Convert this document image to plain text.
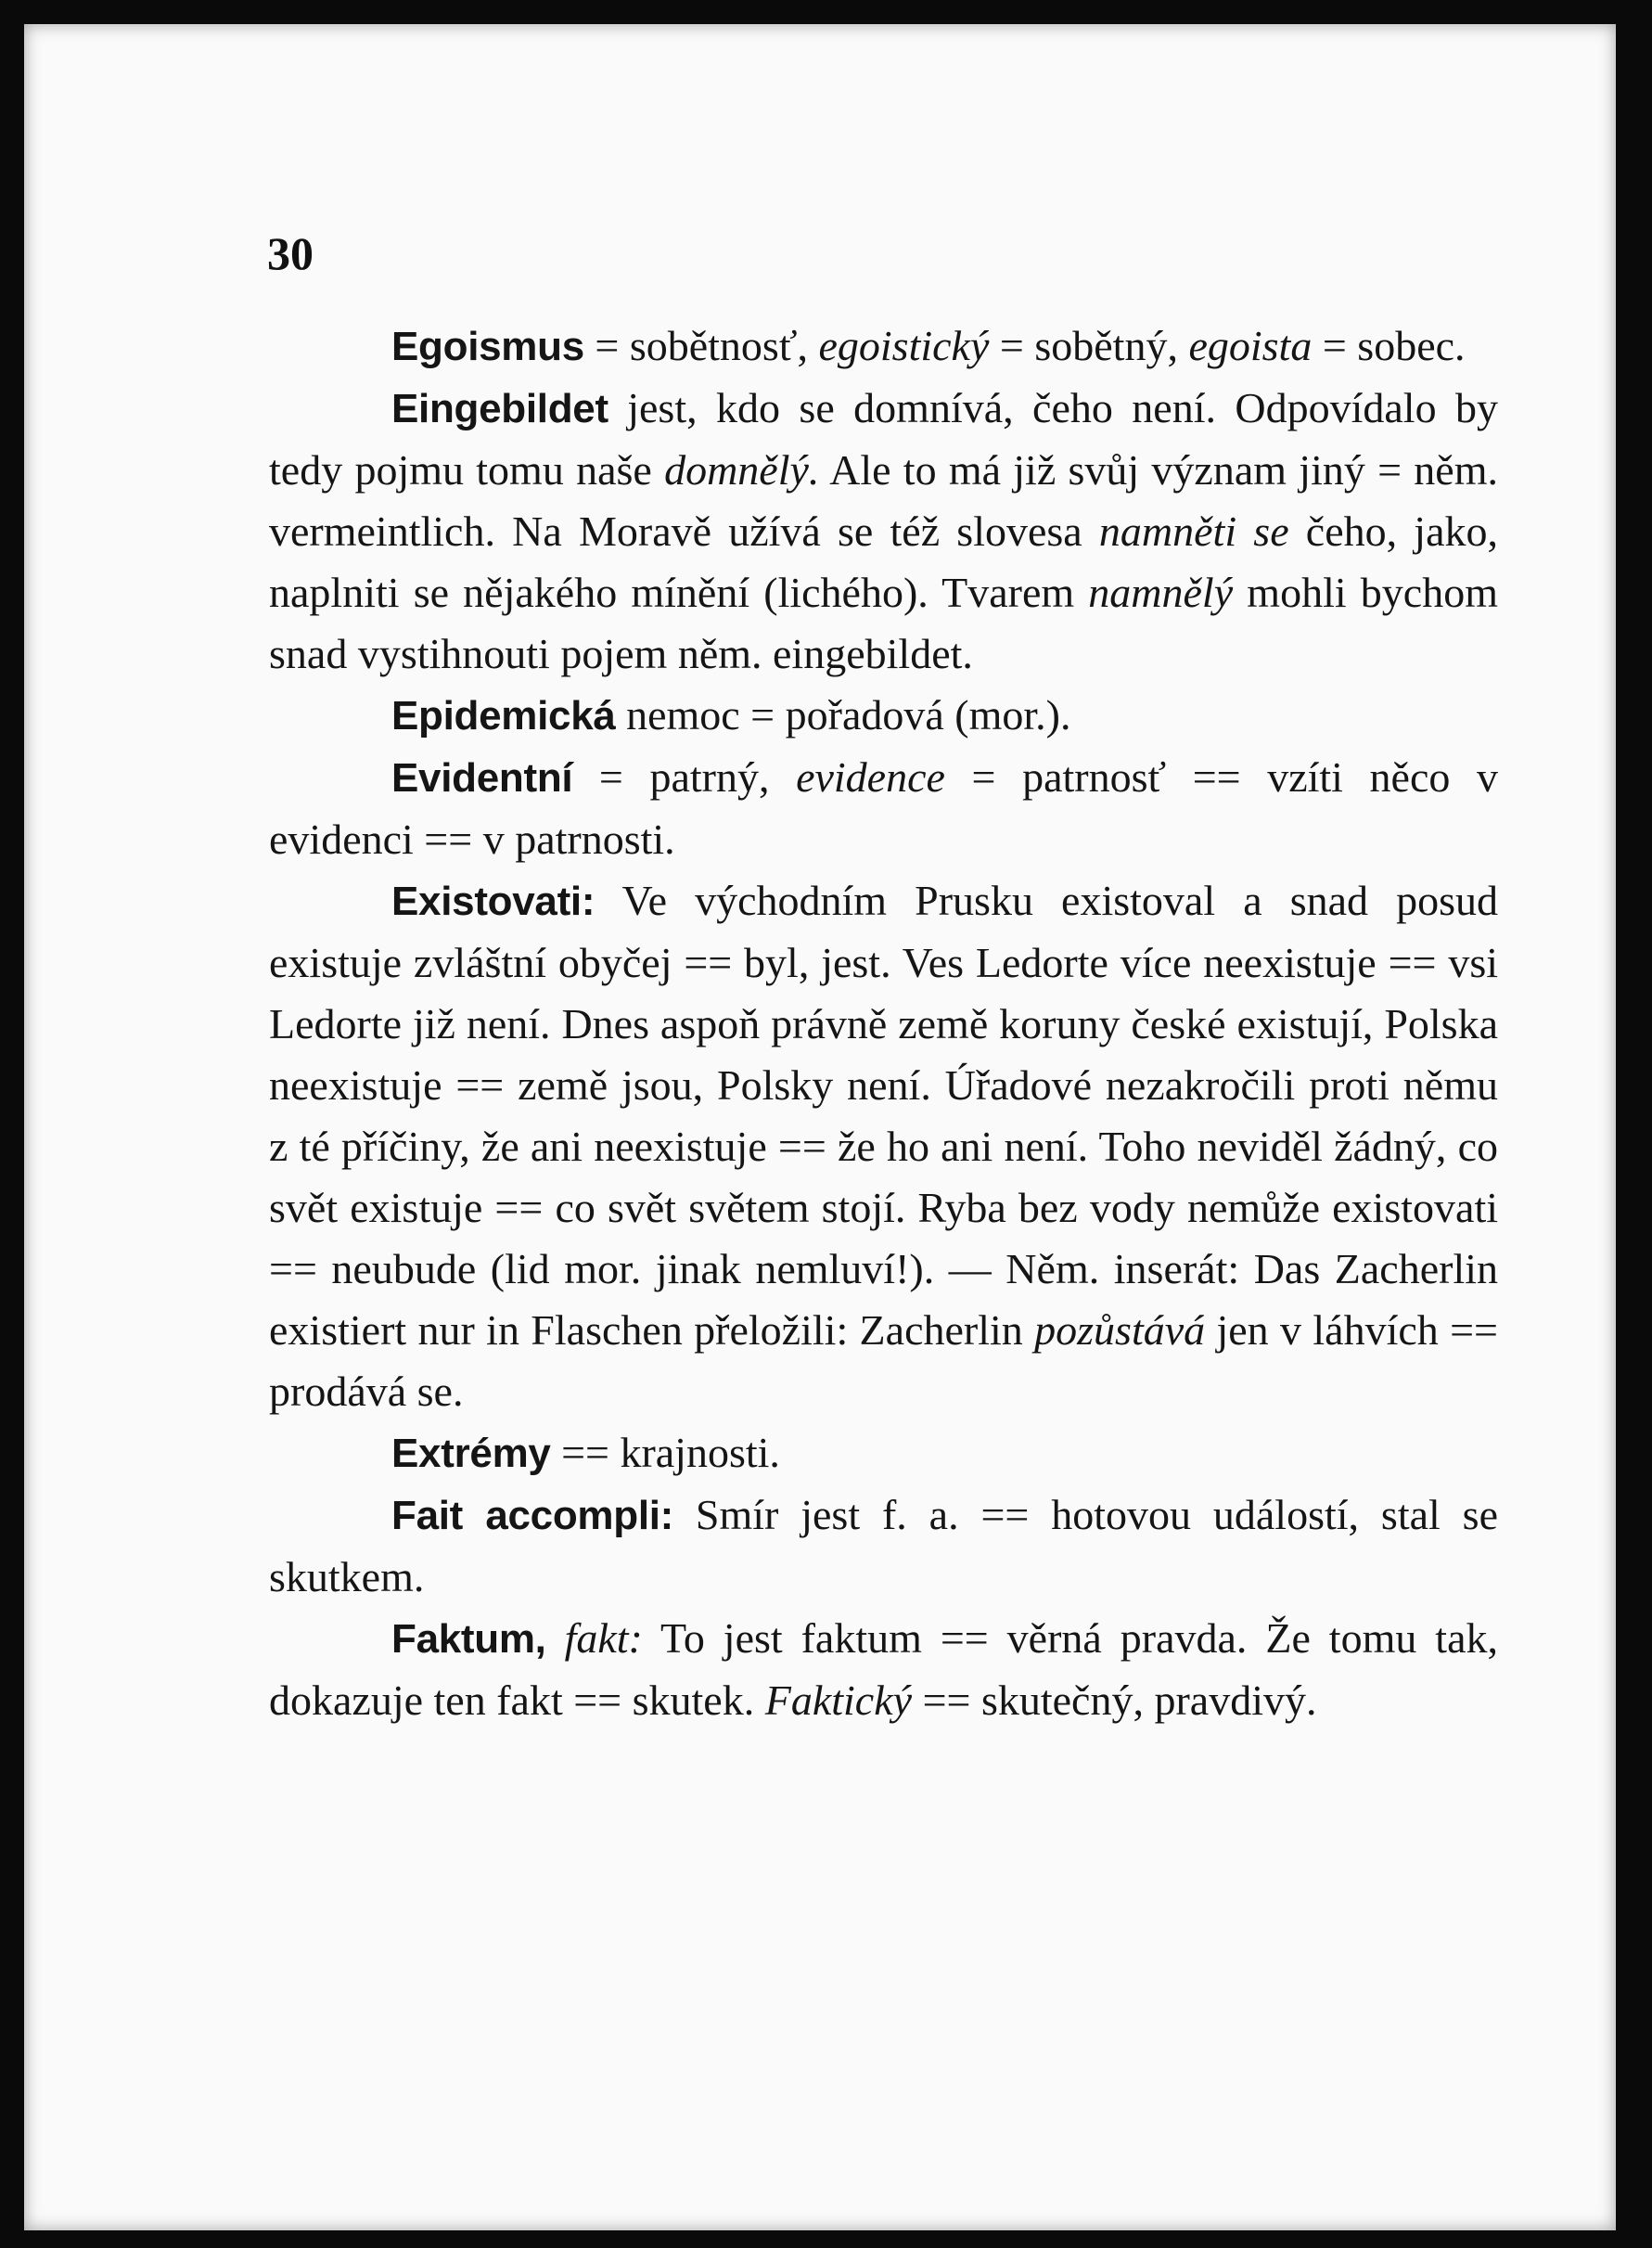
30

Egoismus = sobětnosť, egoistický = sobětný, egoista = sobec.

Eingebildet jest, kdo se domnívá, čeho není. Odpovídalo by tedy pojmu tomu naše domnělý. Ale to má již svůj význam jiný = něm. vermeintlich. Na Moravě užívá se též slovesa namněti se čeho, jako, naplniti se nějakého mínění (lichého). Tvarem namnělý mohli bychom snad vystihnouti pojem něm. eingebildet.

Epidemická nemoc = pořadová (mor.).

Evidentní = patrný, evidence = patrnosť == vzíti něco v evidenci == v patrnosti.

Existovati: Ve východním Prusku existoval a snad posud existuje zvláštní obyčej == byl, jest. Ves Ledorte více neexistuje == vsi Ledorte již není. Dnes aspoň právně země koruny české existují, Polska neexistuje == země jsou, Polsky není. Úřadové nezakročili proti němu z té příčiny, že ani neexistuje == že ho ani není. Toho neviděl žádný, co svět existuje == co svět světem stojí. Ryba bez vody nemůže existovati == neubude (lid mor. jinak nemluví!). — Něm. inserát: Das Zacherlin existiert nur in Flaschen přeložili: Zacherlin pozůstává jen v láhvích == prodává se.

Extrémy == krajnosti.

Fait accompli: Smír jest f. a. == hotovou událostí, stal se skutkem.

Faktum, fakt: To jest faktum == věrná pravda. Že tomu tak, dokazuje ten fakt == skutek. Faktický == skutečný, pravdivý.
